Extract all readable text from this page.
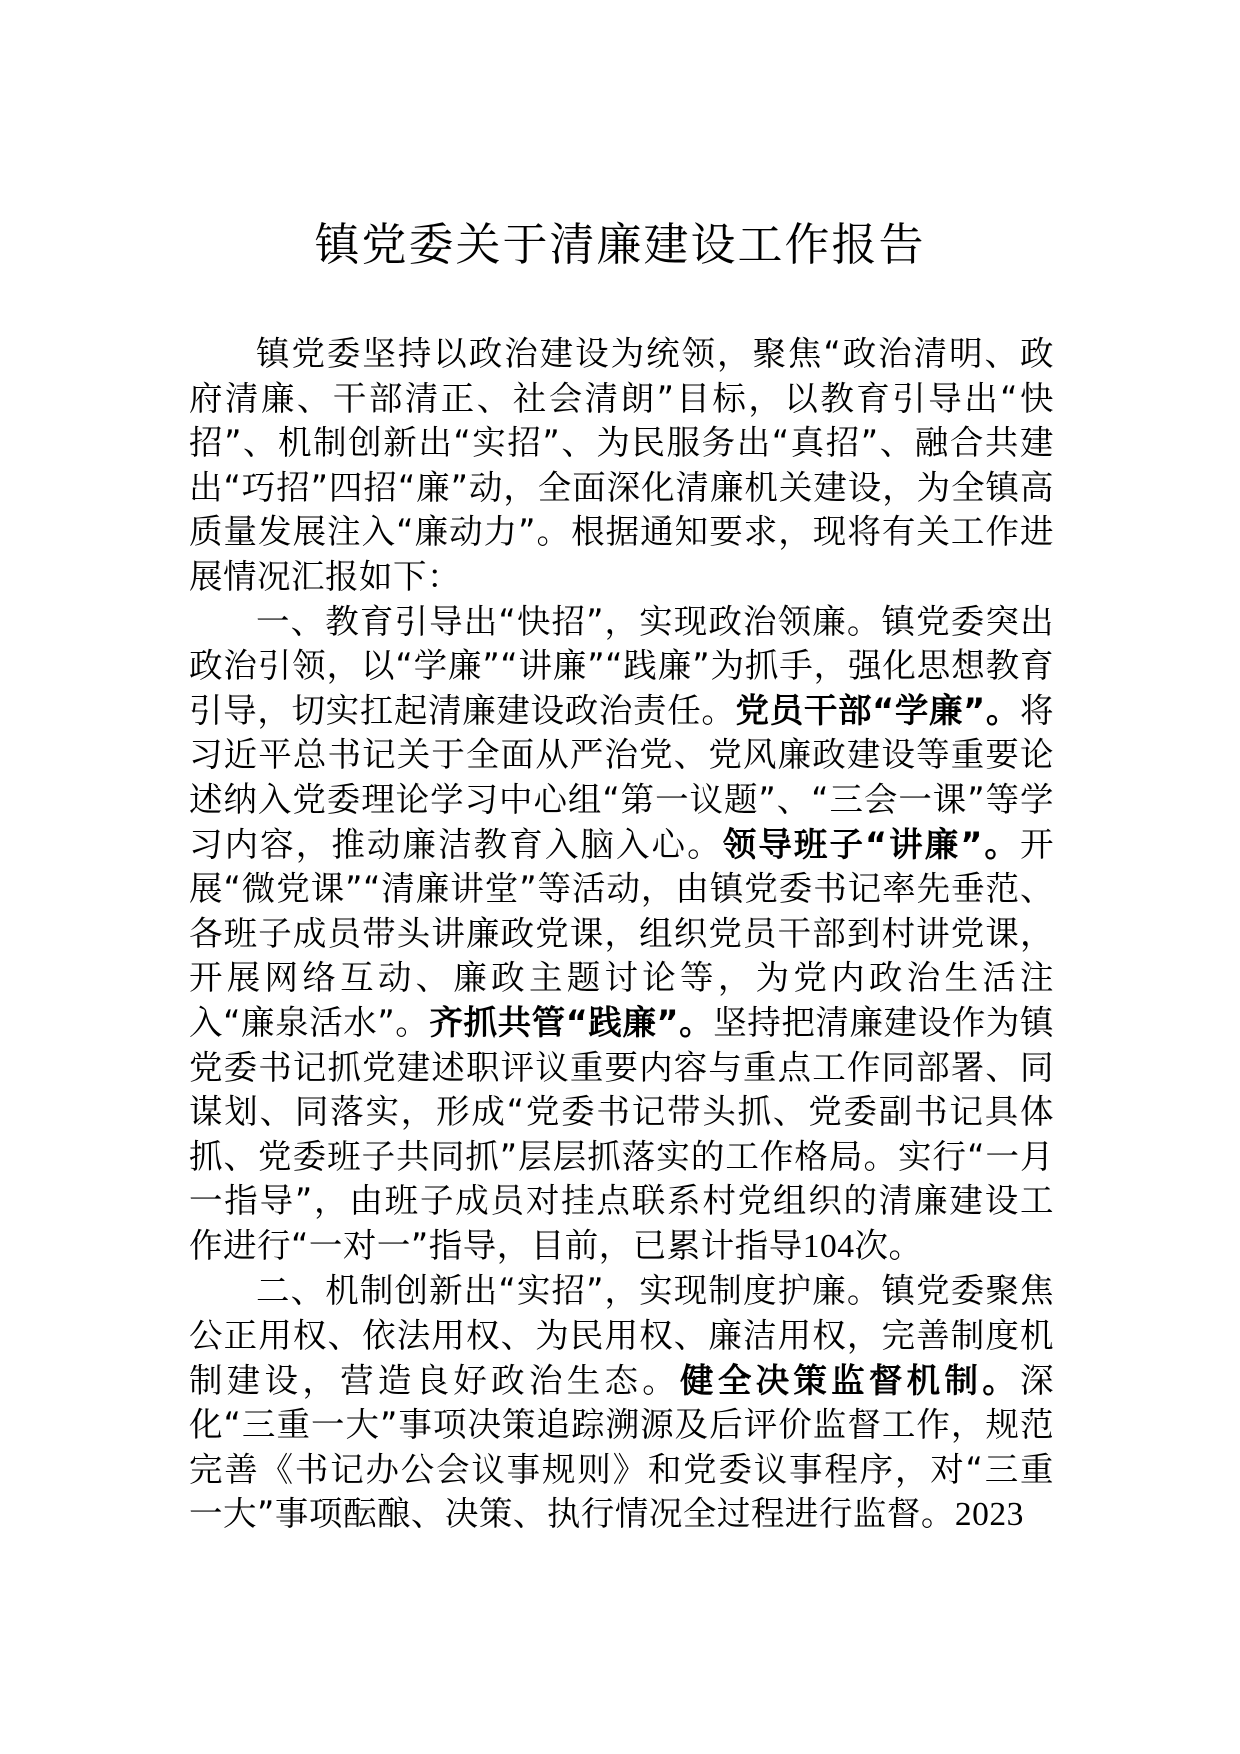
镇党委关于清廉建设工作报告

镇党委坚持以政治建设为统领，聚焦“政治清明、政府清廉、干部清正、社会清朗”目标，以教育引导出“快招”、机制创新出“实招”、为民服务出“真招”、融合共建出“巧招”四招“廉”动，全面深化清廉机关建设，为全镇高质量发展注入“廉动力”。根据通知要求，现将有关工作进展情况汇报如下：

一、教育引导出“快招”，实现政治领廉。镇党委突出政治引领，以“学廉”“讲廉”“践廉”为抓手，强化思想教育引导，切实扛起清廉建设政治责任。党员干部“学廉”。将习近平总书记关于全面从严治党、党风廉政建设等重要论述纳入党委理论学习中心组“第一议题”、“三会一课”等学习内容，推动廉洁教育入脑入心。领导班子“讲廉”。开展“微党课”“清廉讲堂”等活动，由镇党委书记率先垂范、各班子成员带头讲廉政党课，组织党员干部到村讲党课，开展网络互动、廉政主题讨论等，为党内政治生活注入“廉泉活水”。齐抓共管“践廉”。坚持把清廉建设作为镇党委书记抓党建述职评议重要内容与重点工作同部署、同谋划、同落实，形成“党委书记带头抓、党委副书记具体抓、党委班子共同抓”层层抓落实的工作格局。实行“一月一指导”，由班子成员对挂点联系村党组织的清廉建设工作进行“一对一”指导，目前，已累计指导104次。

二、机制创新出“实招”，实现制度护廉。镇党委聚焦公正用权、依法用权、为民用权、廉洁用权，完善制度机制建设，营造良好政治生态。健全决策监督机制。深化“三重一大”事项决策追踪溯源及后评价监督工作，规范完善《书记办公会议事规则》和党委议事程序，对“三重一大”事项酝酿、决策、执行情况全过程进行监督。2023
